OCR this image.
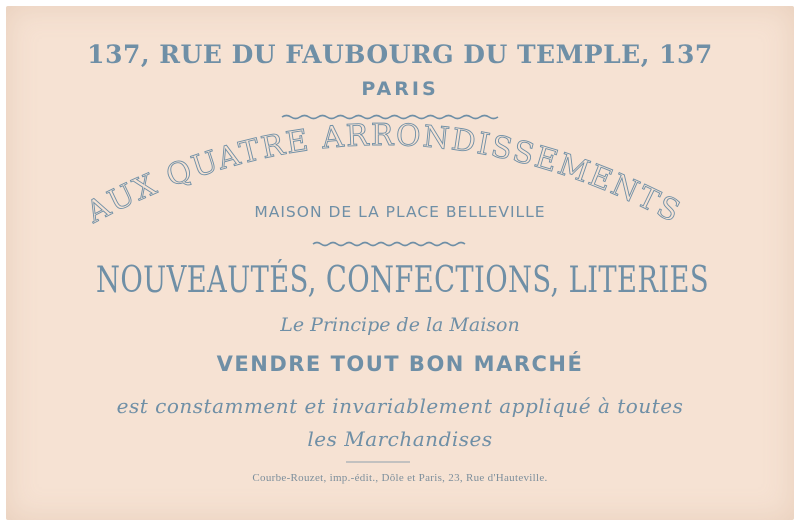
137, RUE DU FAUBOURG DU TEMPLE, 137
PARIS
AUX QUATRE ARRONDISSEMENTS
MAISON DE LA PLACE BELLEVILLE
NOUVEAUTÉS, CONFECTIONS, LITERIES
Le Principe de la Maison
VENDRE TOUT BON MARCHÉ
est constamment et invariablement appliqué à toutes
les Marchandises
Courbe-Rouzet, imp.-édit., Dôle et Paris, 23, Rue d'Hauteville.
